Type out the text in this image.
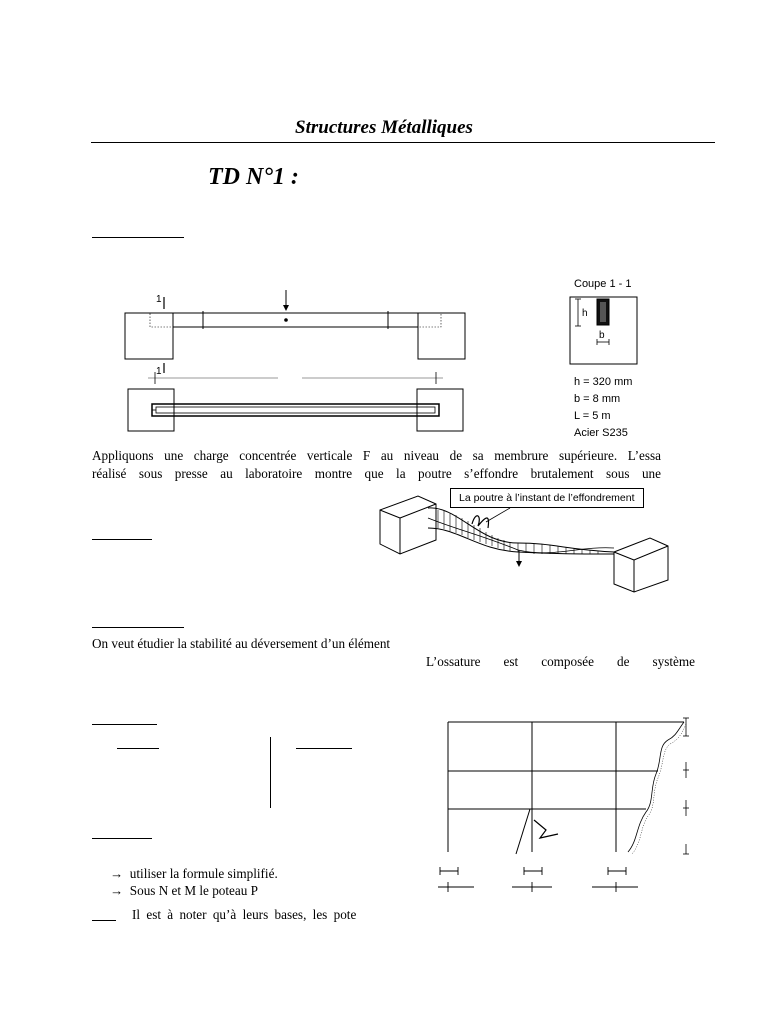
Structures Métalliques
TD N°1 :
1
1
Coupe 1 - 1
h
b
h = 320 mm
b = 8 mm
L = 5 m
Acier S235
Appliquons une charge concentrée verticale F au niveau de sa membrure supérieure. L’essa
réalisé sous presse au laboratoire montre que la poutre s’effondre brutalement sous une
La poutre à l’instant de l’effondrement
On veut étudier la stabilité au déversement d’un élément
L’ossature est composée de système
→ utiliser la formule simplifié.
→ Sous N et M le poteau P
Il est à noter qu’à leurs bases, les pote
